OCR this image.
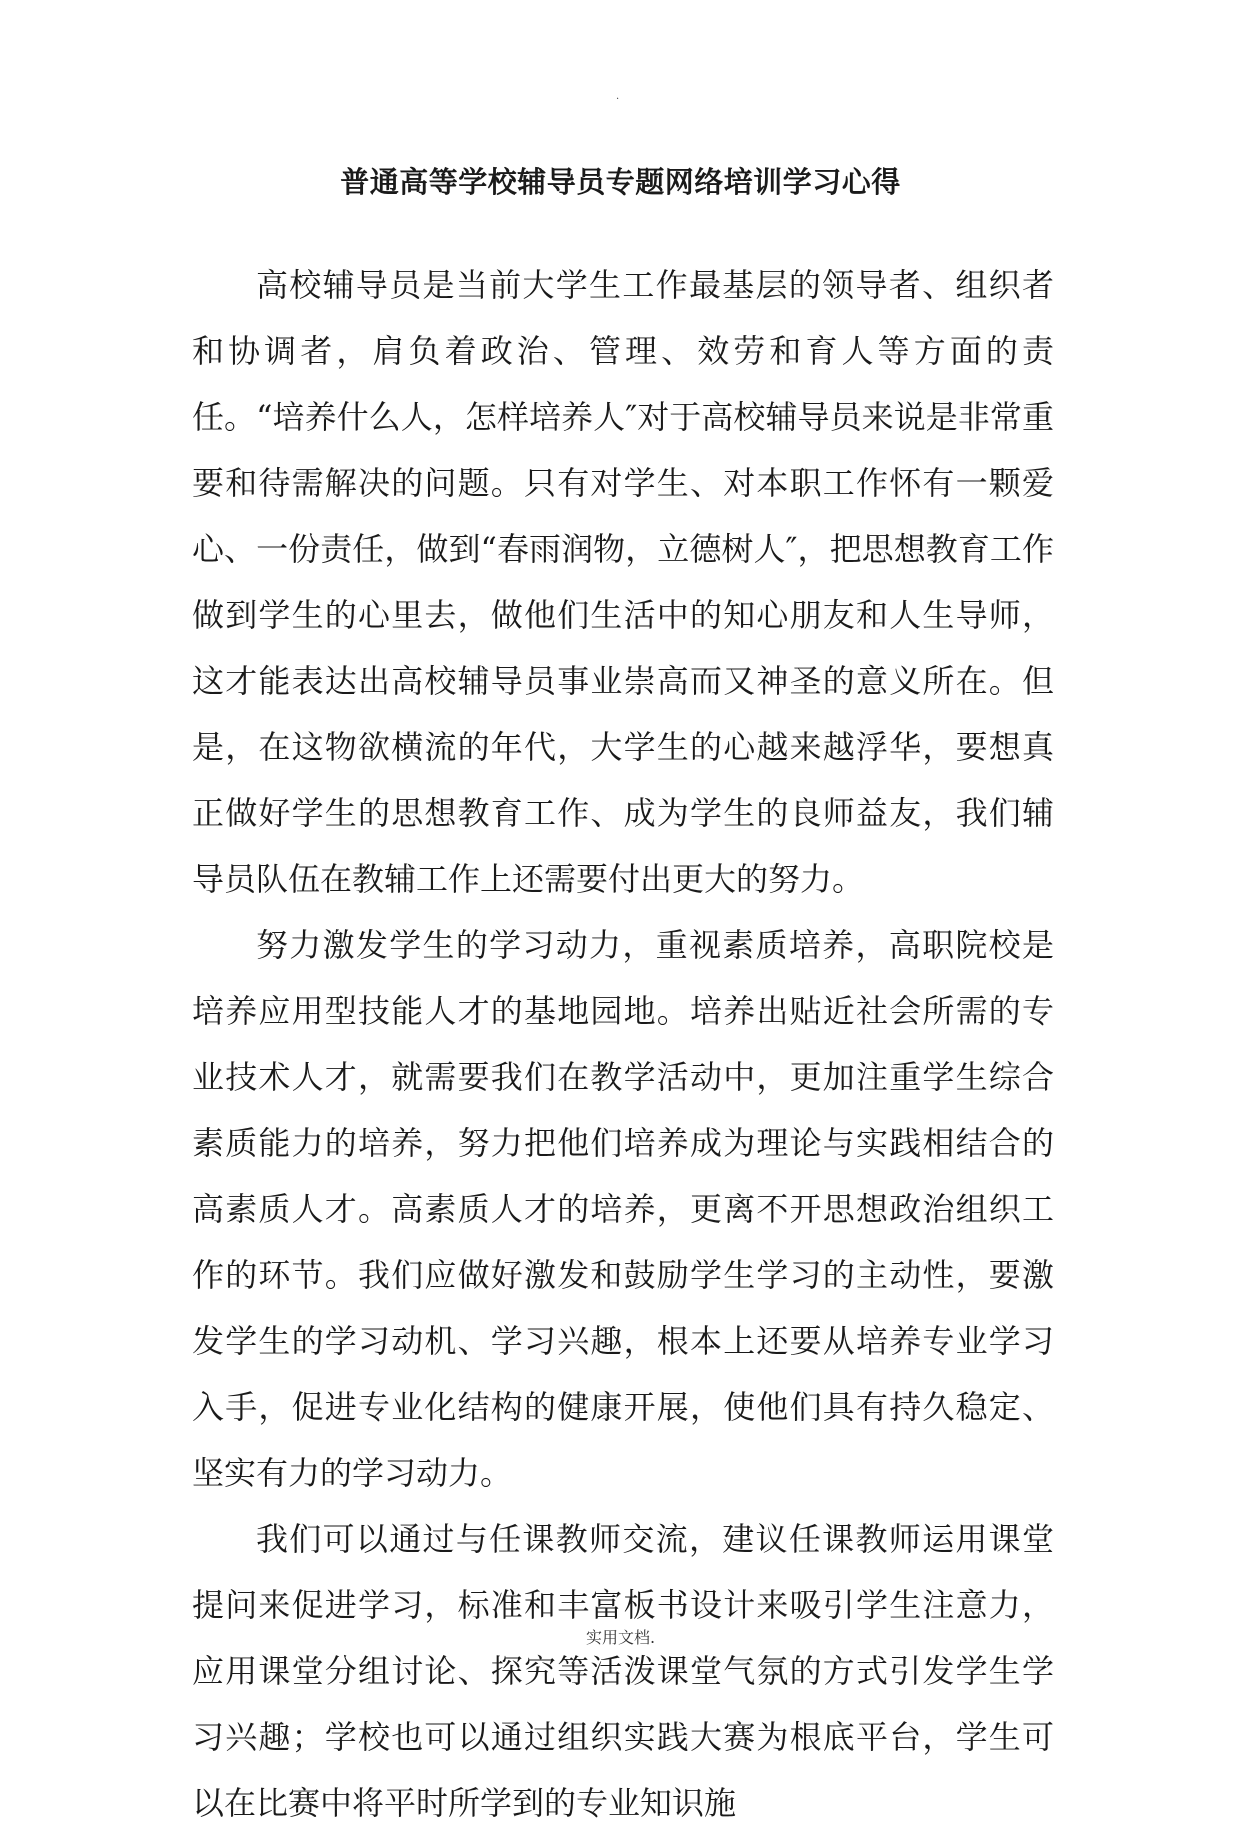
.
普通高等学校辅导员专题网络培训学习心得

高校辅导员是当前大学生工作最基层的领导者、组织者和协调者，肩负着政治、管理、效劳和育人等方面的责任。“培养什么人，怎样培养人″对于高校辅导员来说是非常重要和待需解决的问题。只有对学生、对本职工作怀有一颗爱心、一份责任，做到“春雨润物，立德树人″，把思想教育工作做到学生的心里去，做他们生活中的知心朋友和人生导师，这才能表达出高校辅导员事业崇高而又神圣的意义所在。但是，在这物欲横流的年代，大学生的心越来越浮华，要想真正做好学生的思想教育工作、成为学生的良师益友，我们辅导员队伍在教辅工作上还需要付出更大的努力。

努力激发学生的学习动力，重视素质培养，高职院校是培养应用型技能人才的基地园地。培养出贴近社会所需的专业技术人才，就需要我们在教学活动中，更加注重学生综合素质能力的培养，努力把他们培养成为理论与实践相结合的高素质人才。高素质人才的培养，更离不开思想政治组织工作的环节。我们应做好激发和鼓励学生学习的主动性，要激发学生的学习动机、学习兴趣，根本上还要从培养专业学习入手，促进专业化结构的健康开展，使他们具有持久稳定、坚实有力的学习动力。

我们可以通过与任课教师交流，建议任课教师运用课堂提问来促进学习，标准和丰富板书设计来吸引学生注意力，应用课堂分组讨论、探究等活泼课堂气氛的方式引发学生学习兴趣；学校也可以通过组织实践大赛为根底平台，学生可以在比赛中将平时所学到的专业知识施

实用文档.
